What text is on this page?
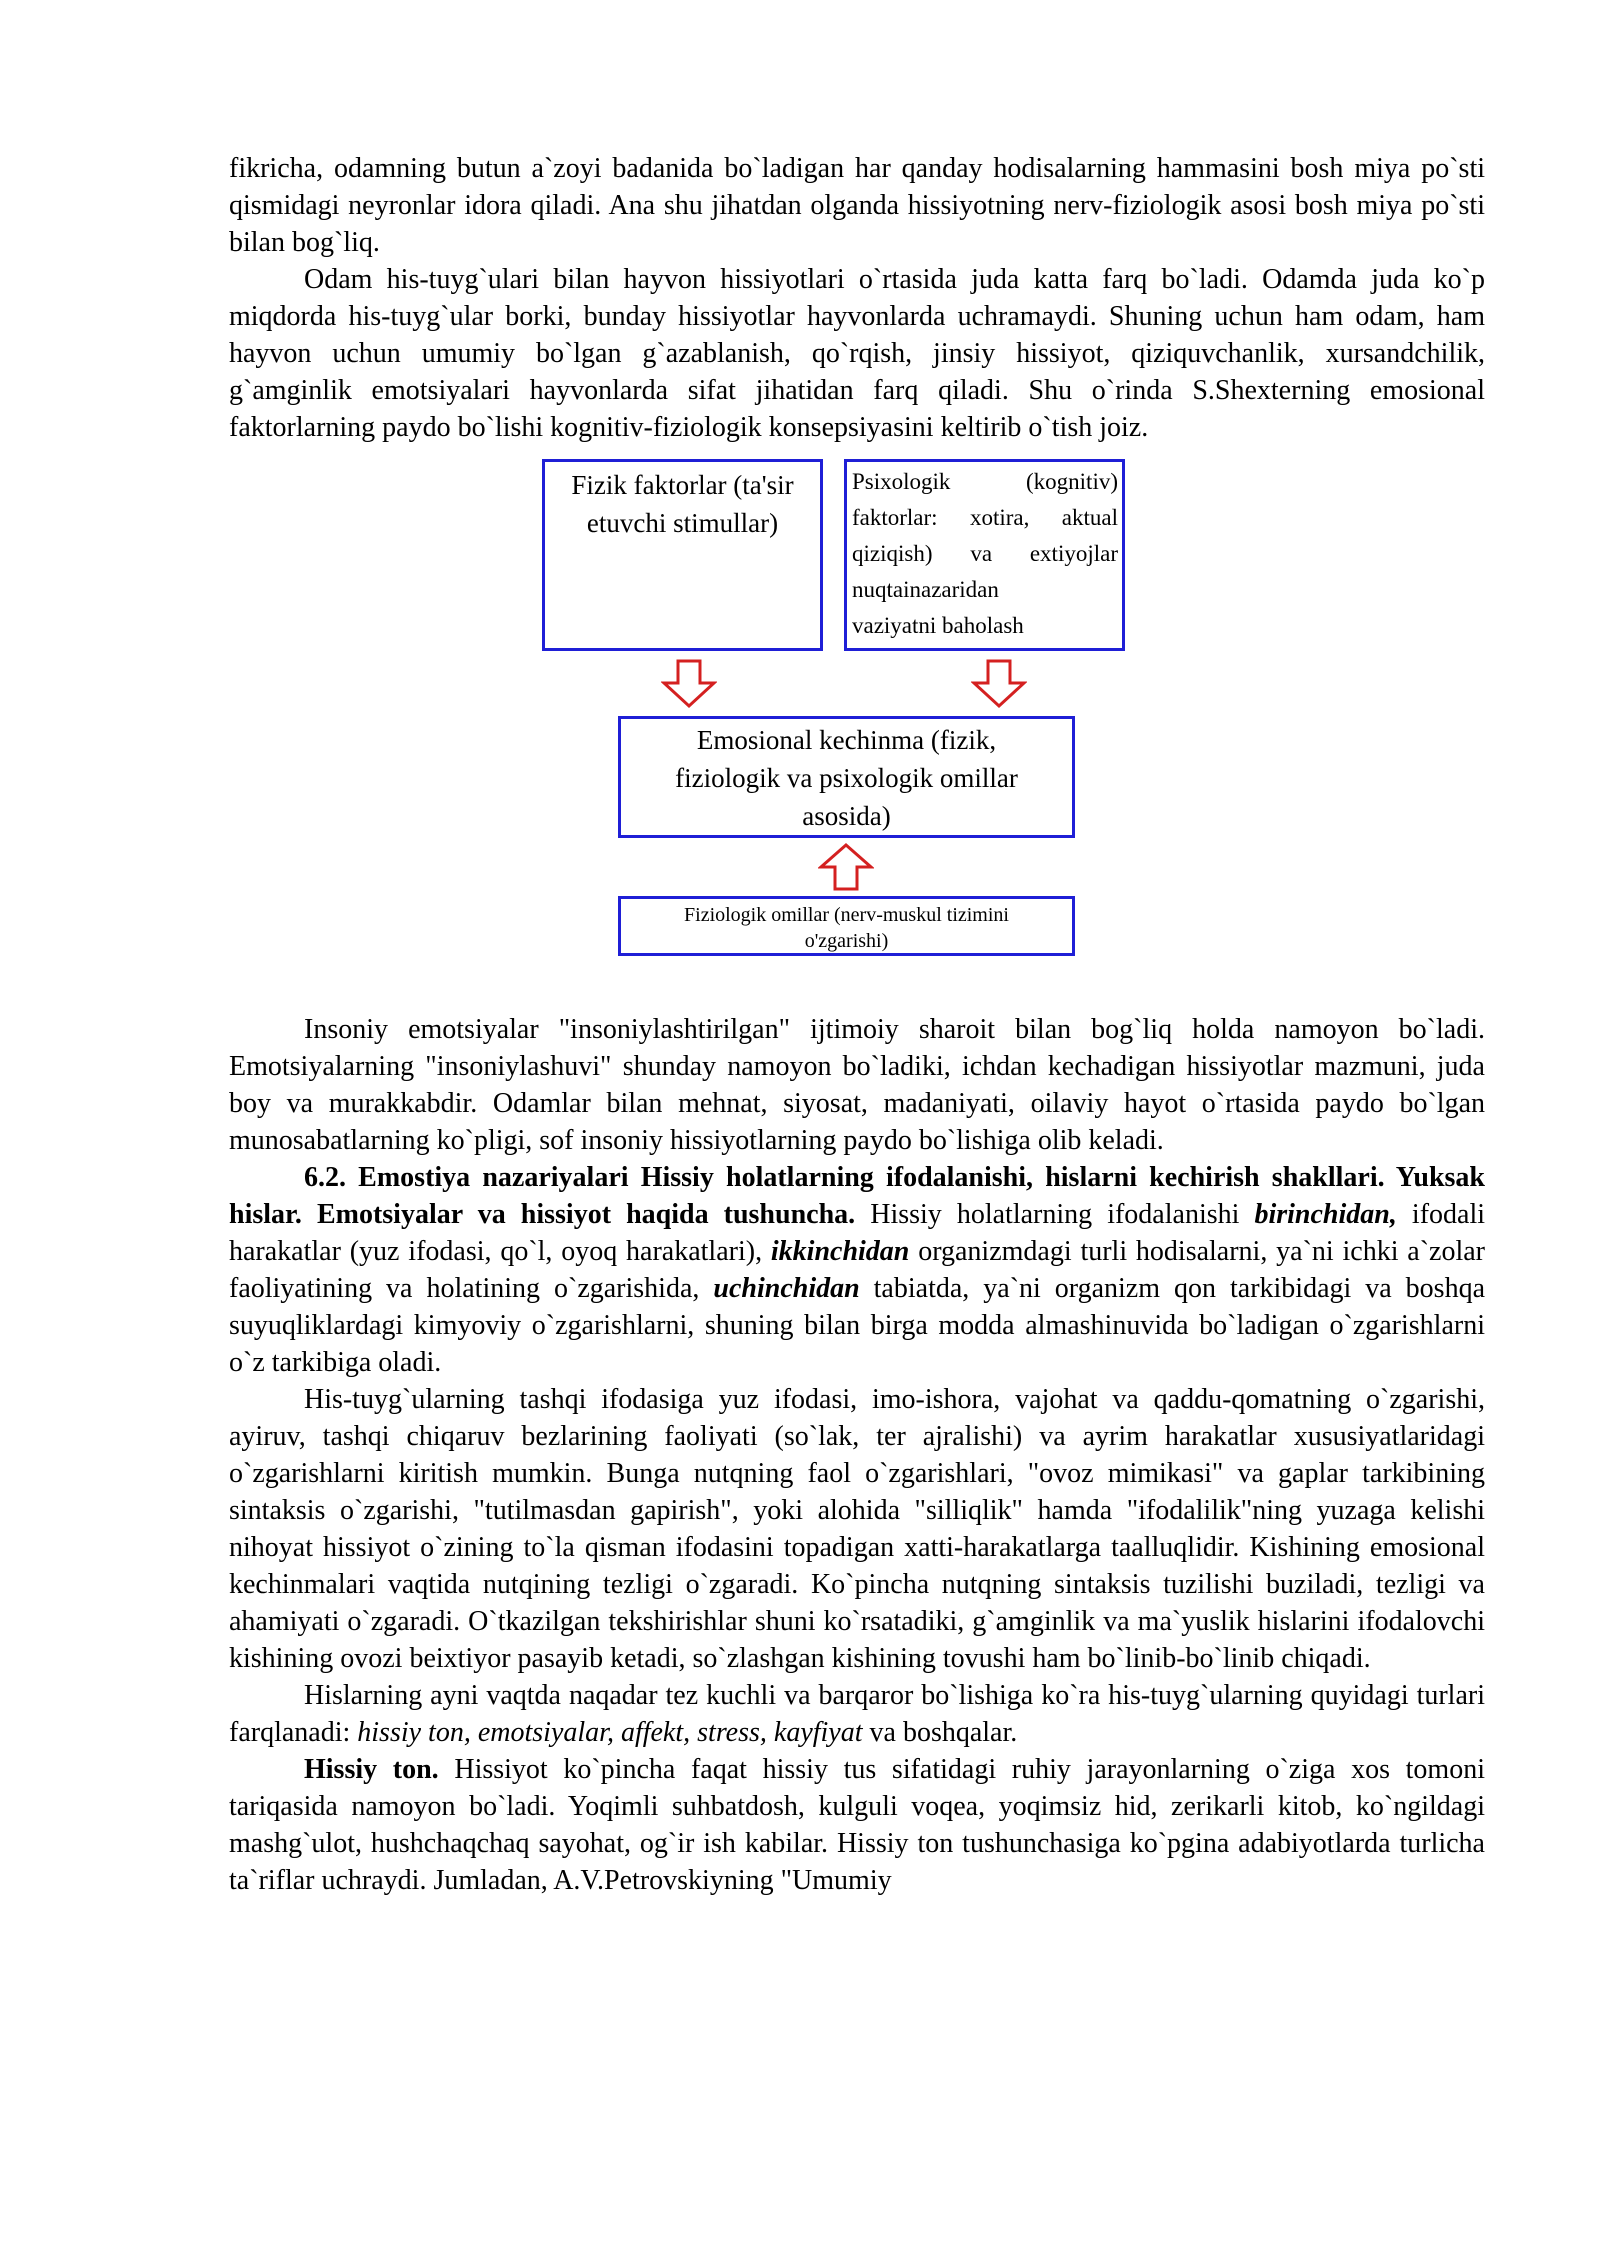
fikricha, odamning butun a`zoyi badanida bo`ladigan har qanday hodisalarning hammasini bosh miya po`sti qismidagi neyronlar idora qiladi. Ana shu jihatdan olganda hissiyotning nerv-fiziologik asosi bosh miya po`sti bilan bog`liq.

Odam his-tuyg`ulari bilan hayvon hissiyotlari o`rtasida juda katta farq bo`ladi. Odamda juda ko`p miqdorda his-tuyg`ular borki, bunday hissiyotlar hayvonlarda uchramaydi. Shuning uchun ham odam, ham hayvon uchun umumiy bo`lgan g`azablanish, qo`rqish, jinsiy hissiyot, qiziquvchanlik, xursandchilik, g`amginlik emotsiyalari hayvonlarda sifat jihatidan farq qiladi. Shu o`rinda S.Shexterning emosional faktorlarning paydo bo`lishi kognitiv-fiziologik konsepsiyasini keltirib o`tish joiz.

Fizik faktorlar (ta'sir
etuvchi stimullar)
Psixologik (kognitiv)
faktorlar: xotira, aktual
qiziqish) va extiyojlar
nuqtainazaridan
vaziyatni baholash
Emosional kechinma (fizik,
fiziologik va psixologik omillar
asosida)
Fiziologik omillar (nerv-muskul tizimini
o'zgarishi)

Insoniy emotsiyalar "insoniylashtirilgan" ijtimoiy sharoit bilan bog`liq holda namoyon bo`ladi. Emotsiyalarning "insoniylashuvi" shunday namoyon bo`ladiki, ichdan kechadigan hissiyotlar mazmuni, juda boy va murakkabdir. Odamlar bilan mehnat, siyosat, madaniyati, oilaviy hayot o`rtasida paydo bo`lgan munosabatlarning ko`pligi, sof insoniy hissiyotlarning paydo bo`lishiga olib keladi.

6.2. Emostiya nazariyalari Hissiy holatlarning ifodalanishi, hislarni kechirish shakllari. Yuksak hislar. Emotsiyalar va hissiyot haqida tushuncha. Hissiy holatlarning ifodalanishi birinchidan, ifodali harakatlar (yuz ifodasi, qo`l, oyoq harakatlari), ikkinchidan organizmdagi turli hodisalarni, ya`ni ichki a`zolar faoliyatining va holatining o`zgarishida, uchinchidan tabiatda, ya`ni organizm qon tarkibidagi va boshqa suyuqliklardagi kimyoviy o`zgarishlarni, shuning bilan birga modda almashinuvida bo`ladigan o`zgarishlarni o`z tarkibiga oladi.

His-tuyg`ularning tashqi ifodasiga yuz ifodasi, imo-ishora, vajohat va qaddu-qomatning o`zgarishi, ayiruv, tashqi chiqaruv bezlarining faoliyati (so`lak, ter ajralishi) va ayrim harakatlar xususiyatlaridagi o`zgarishlarni kiritish mumkin. Bunga nutqning faol o`zgarishlari, "ovoz mimikasi" va gaplar tarkibining sintaksis o`zgarishi, "tutilmasdan gapirish", yoki alohida "silliqlik" hamda "ifodalilik"ning yuzaga kelishi nihoyat hissiyot o`zining to`la qisman ifodasini topadigan xatti-harakatlarga taalluqlidir. Kishining emosional kechinmalari vaqtida nutqining tezligi o`zgaradi. Ko`pincha nutqning sintaksis tuzilishi buziladi, tezligi va ahamiyati o`zgaradi. O`tkazilgan tekshirishlar shuni ko`rsatadiki, g`amginlik va ma`yuslik hislarini ifodalovchi kishining ovozi beixtiyor pasayib ketadi, so`zlashgan kishining tovushi ham bo`linib-bo`linib chiqadi.

Hislarning ayni vaqtda naqadar tez kuchli va barqaror bo`lishiga ko`ra his-tuyg`ularning quyidagi turlari farqlanadi: hissiy ton, emotsiyalar, affekt, stress, kayfiyat va boshqalar.

Hissiy ton. Hissiyot ko`pincha faqat hissiy tus sifatidagi ruhiy jarayonlarning o`ziga xos tomoni tariqasida namoyon bo`ladi. Yoqimli suhbatdosh, kulguli voqea, yoqimsiz hid, zerikarli kitob, ko`ngildagi mashg`ulot, hushchaqchaq sayohat, og`ir ish kabilar. Hissiy ton tushunchasiga ko`pgina adabiyotlarda turlicha ta`riflar uchraydi. Jumladan, A.V.Petrovskiyning "Umumiy
